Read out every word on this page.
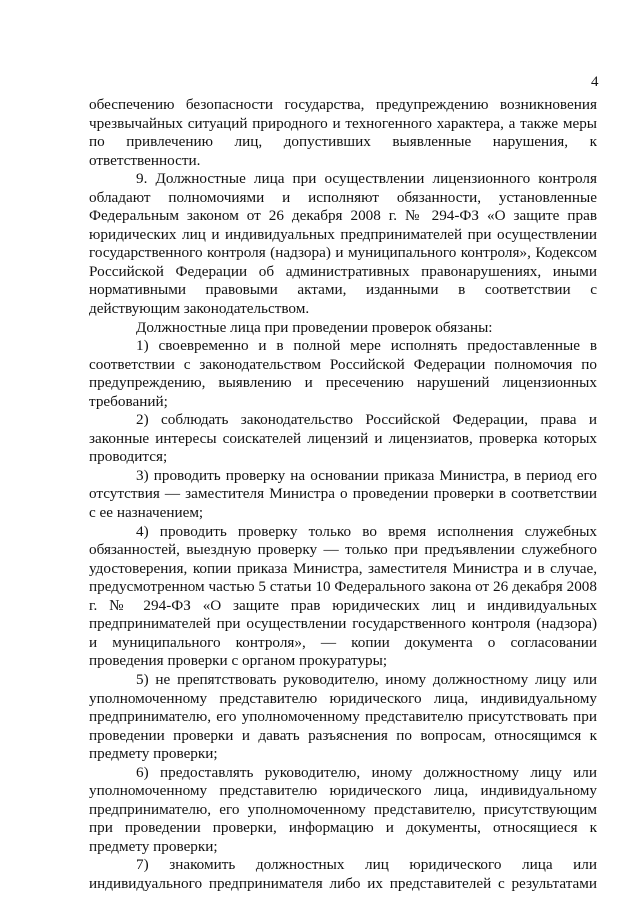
4
обеспечению безопасности государства, предупреждению возникновения
чрезвычайных ситуаций природного и техногенного характера, а также меры
по привлечению лиц, допустивших выявленные нарушения, к
ответственности.
9. Должностные лица при осуществлении лицензионного контроля
обладают полномочиями и исполняют обязанности, установленные
Федеральным законом от 26 декабря 2008 г. № 294-ФЗ «О защите прав
юридических лиц и индивидуальных предпринимателей при осуществлении
государственного контроля (надзора) и муниципального контроля», Кодексом
Российской Федерации об административных правонарушениях, иными
нормативными правовыми актами, изданными в соответствии с
действующим законодательством.
Должностные лица при проведении проверок обязаны:
1) своевременно и в полной мере исполнять предоставленные в
соответствии с законодательством Российской Федерации полномочия по
предупреждению, выявлению и пресечению нарушений лицензионных
требований;
2) соблюдать законодательство Российской Федерации, права и
законные интересы соискателей лицензий и лицензиатов, проверка которых
проводится;
3) проводить проверку на основании приказа Министра, в период его
отсутствия — заместителя Министра о проведении проверки в соответствии
с ее назначением;
4) проводить проверку только во время исполнения служебных
обязанностей, выездную проверку — только при предъявлении служебного
удостоверения, копии приказа Министра, заместителя Министра и в случае,
предусмотренном частью 5 статьи 10 Федерального закона от 26 декабря 2008
г. № 294-ФЗ «О защите прав юридических лиц и индивидуальных
предпринимателей при осуществлении государственного контроля (надзора)
и муниципального контроля», — копии документа о согласовании
проведения проверки с органом прокуратуры;
5) не препятствовать руководителю, иному должностному лицу или
уполномоченному представителю юридического лица, индивидуальному
предпринимателю, его уполномоченному представителю присутствовать при
проведении проверки и давать разъяснения по вопросам, относящимся к
предмету проверки;
6) предоставлять руководителю, иному должностному лицу или
уполномоченному представителю юридического лица, индивидуальному
предпринимателю, его уполномоченному представителю, присутствующим
при проведении проверки, информацию и документы, относящиеся к
предмету проверки;
7) знакомить должностных лиц юридического лица или
индивидуального предпринимателя либо их представителей с результатами
